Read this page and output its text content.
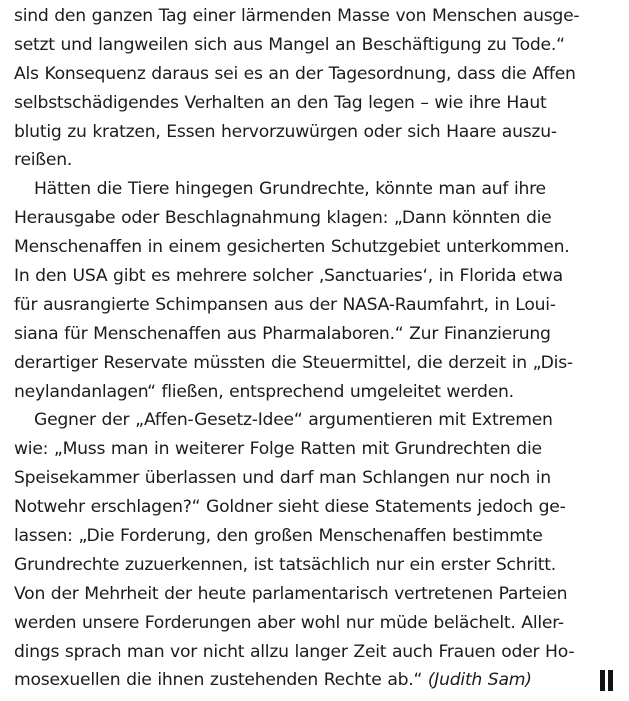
sind den ganzen Tag einer lärmenden Masse von Menschen ausge-
setzt und langweilen sich aus Mangel an Beschäftigung zu Tode.“
Als Konsequenz daraus sei es an der Tagesordnung, dass die Affen
selbstschädigendes Verhalten an den Tag legen – wie ihre Haut
blutig zu kratzen, Essen hervorzuwürgen oder sich Haare auszu-
reißen.
Hätten die Tiere hingegen Grundrechte, könnte man auf ihre
Herausgabe oder Beschlagnahmung klagen: „Dann könnten die
Menschenaffen in einem gesicherten Schutzgebiet unterkommen.
In den USA gibt es mehrere solcher ‚Sanctuaries‘, in Florida etwa
für ausrangierte Schimpansen aus der NASA-Raumfahrt, in Loui-
siana für Menschenaffen aus Pharmalaboren.“ Zur Finanzierung
derartiger Reservate müssten die Steuermittel, die derzeit in „Dis-
neylandanlagen“ fließen, entsprechend umgeleitet werden.
Gegner der „Affen-Gesetz-Idee“ argumentieren mit Extremen
wie: „Muss man in weiterer Folge Ratten mit Grundrechten die
Speisekammer überlassen und darf man Schlangen nur noch in
Notwehr erschlagen?“ Goldner sieht diese Statements jedoch ge-
lassen: „Die Forderung, den großen Menschenaffen bestimmte
Grundrechte zuzuerkennen, ist tatsächlich nur ein erster Schritt.
Von der Mehrheit der heute parlamentarisch vertretenen Parteien
werden unsere Forderungen aber wohl nur müde belächelt. Aller-
dings sprach man vor nicht allzu langer Zeit auch Frauen oder Ho-
mosexuellen die ihnen zustehenden Rechte ab.“ (Judith Sam)
